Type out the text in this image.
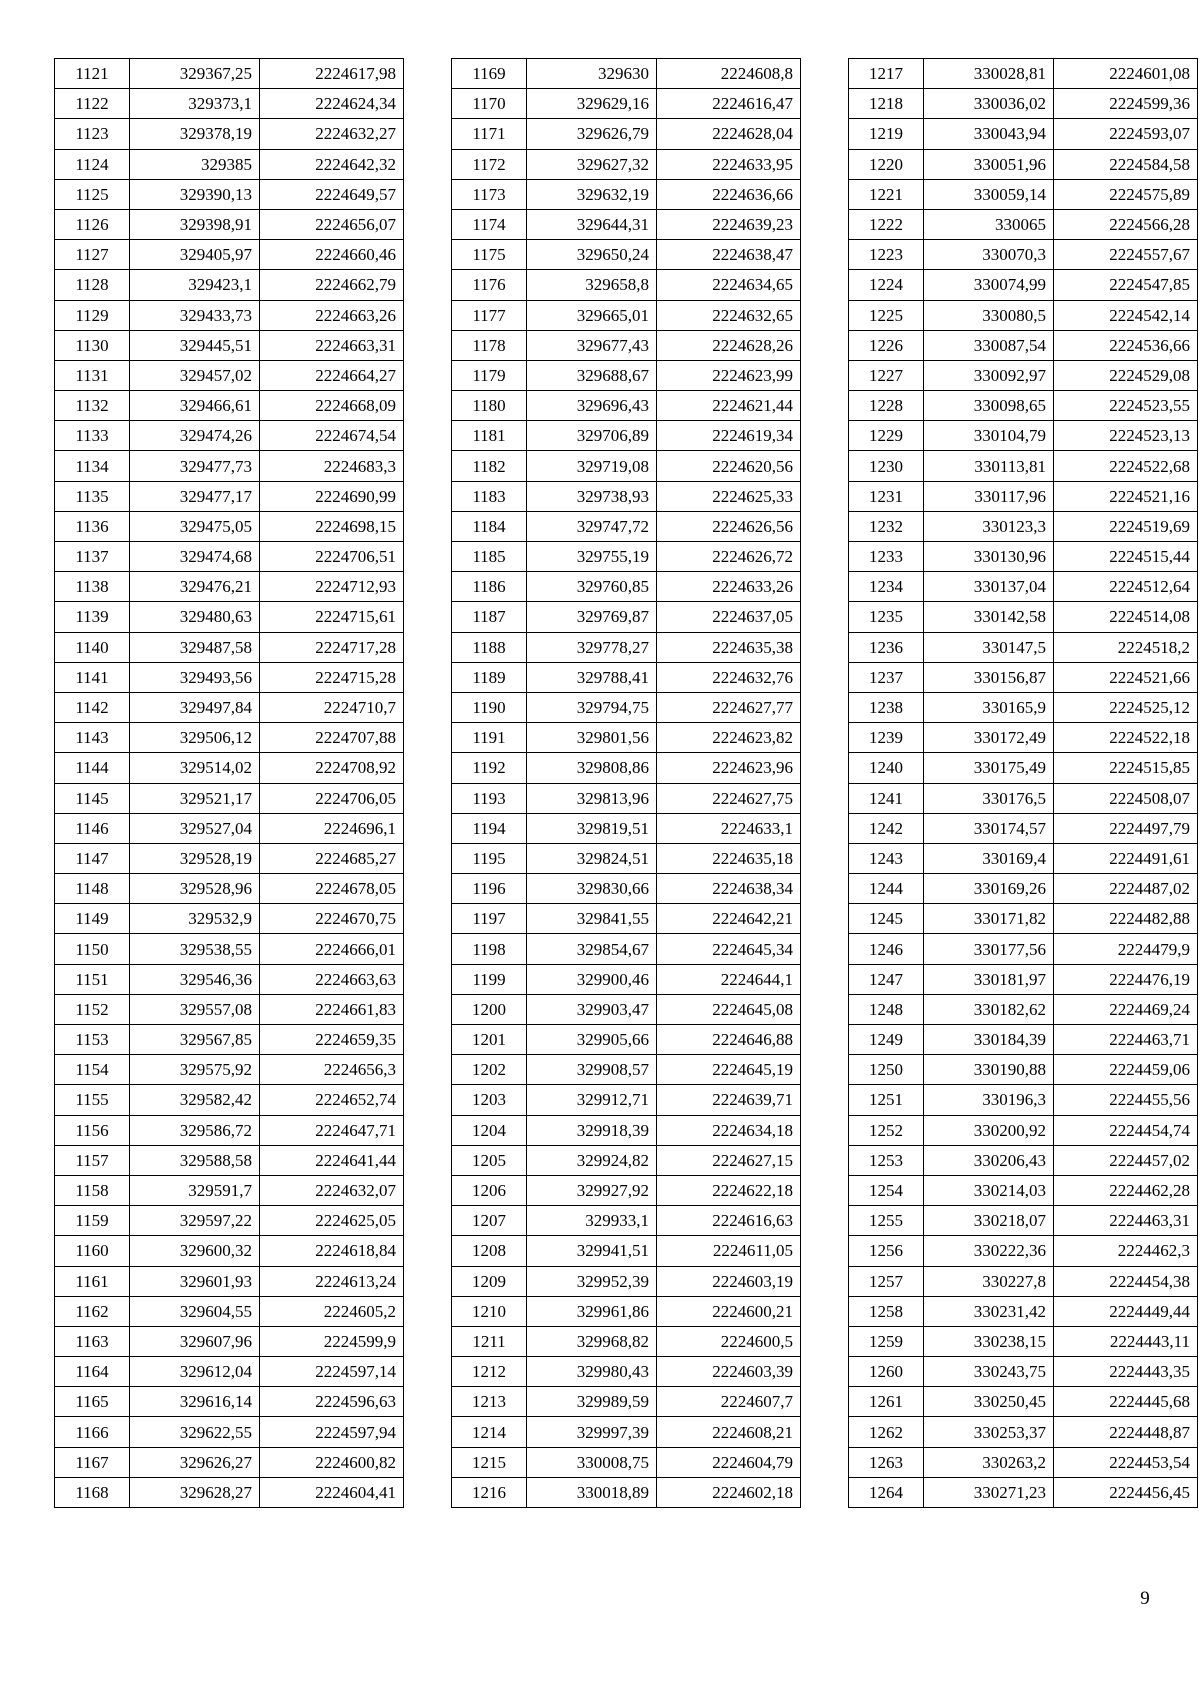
1121	329367,25	2224617,98
1122	329373,1	2224624,34
1123	329378,19	2224632,27
1124	329385	2224642,32
1125	329390,13	2224649,57
1126	329398,91	2224656,07
1127	329405,97	2224660,46
1128	329423,1	2224662,79
1129	329433,73	2224663,26
1130	329445,51	2224663,31
1131	329457,02	2224664,27
1132	329466,61	2224668,09
1133	329474,26	2224674,54
1134	329477,73	2224683,3
1135	329477,17	2224690,99
1136	329475,05	2224698,15
1137	329474,68	2224706,51
1138	329476,21	2224712,93
1139	329480,63	2224715,61
1140	329487,58	2224717,28
1141	329493,56	2224715,28
1142	329497,84	2224710,7
1143	329506,12	2224707,88
1144	329514,02	2224708,92
1145	329521,17	2224706,05
1146	329527,04	2224696,1
1147	329528,19	2224685,27
1148	329528,96	2224678,05
1149	329532,9	2224670,75
1150	329538,55	2224666,01
1151	329546,36	2224663,63
1152	329557,08	2224661,83
1153	329567,85	2224659,35
1154	329575,92	2224656,3
1155	329582,42	2224652,74
1156	329586,72	2224647,71
1157	329588,58	2224641,44
1158	329591,7	2224632,07
1159	329597,22	2224625,05
1160	329600,32	2224618,84
1161	329601,93	2224613,24
1162	329604,55	2224605,2
1163	329607,96	2224599,9
1164	329612,04	2224597,14
1165	329616,14	2224596,63
1166	329622,55	2224597,94
1167	329626,27	2224600,82
1168	329628,27	2224604,41
1169	329630	2224608,8
1170	329629,16	2224616,47
1171	329626,79	2224628,04
1172	329627,32	2224633,95
1173	329632,19	2224636,66
1174	329644,31	2224639,23
1175	329650,24	2224638,47
1176	329658,8	2224634,65
1177	329665,01	2224632,65
1178	329677,43	2224628,26
1179	329688,67	2224623,99
1180	329696,43	2224621,44
1181	329706,89	2224619,34
1182	329719,08	2224620,56
1183	329738,93	2224625,33
1184	329747,72	2224626,56
1185	329755,19	2224626,72
1186	329760,85	2224633,26
1187	329769,87	2224637,05
1188	329778,27	2224635,38
1189	329788,41	2224632,76
1190	329794,75	2224627,77
1191	329801,56	2224623,82
1192	329808,86	2224623,96
1193	329813,96	2224627,75
1194	329819,51	2224633,1
1195	329824,51	2224635,18
1196	329830,66	2224638,34
1197	329841,55	2224642,21
1198	329854,67	2224645,34
1199	329900,46	2224644,1
1200	329903,47	2224645,08
1201	329905,66	2224646,88
1202	329908,57	2224645,19
1203	329912,71	2224639,71
1204	329918,39	2224634,18
1205	329924,82	2224627,15
1206	329927,92	2224622,18
1207	329933,1	2224616,63
1208	329941,51	2224611,05
1209	329952,39	2224603,19
1210	329961,86	2224600,21
1211	329968,82	2224600,5
1212	329980,43	2224603,39
1213	329989,59	2224607,7
1214	329997,39	2224608,21
1215	330008,75	2224604,79
1216	330018,89	2224602,18
1217	330028,81	2224601,08
1218	330036,02	2224599,36
1219	330043,94	2224593,07
1220	330051,96	2224584,58
1221	330059,14	2224575,89
1222	330065	2224566,28
1223	330070,3	2224557,67
1224	330074,99	2224547,85
1225	330080,5	2224542,14
1226	330087,54	2224536,66
1227	330092,97	2224529,08
1228	330098,65	2224523,55
1229	330104,79	2224523,13
1230	330113,81	2224522,68
1231	330117,96	2224521,16
1232	330123,3	2224519,69
1233	330130,96	2224515,44
1234	330137,04	2224512,64
1235	330142,58	2224514,08
1236	330147,5	2224518,2
1237	330156,87	2224521,66
1238	330165,9	2224525,12
1239	330172,49	2224522,18
1240	330175,49	2224515,85
1241	330176,5	2224508,07
1242	330174,57	2224497,79
1243	330169,4	2224491,61
1244	330169,26	2224487,02
1245	330171,82	2224482,88
1246	330177,56	2224479,9
1247	330181,97	2224476,19
1248	330182,62	2224469,24
1249	330184,39	2224463,71
1250	330190,88	2224459,06
1251	330196,3	2224455,56
1252	330200,92	2224454,74
1253	330206,43	2224457,02
1254	330214,03	2224462,28
1255	330218,07	2224463,31
1256	330222,36	2224462,3
1257	330227,8	2224454,38
1258	330231,42	2224449,44
1259	330238,15	2224443,11
1260	330243,75	2224443,35
1261	330250,45	2224445,68
1262	330253,37	2224448,87
1263	330263,2	2224453,54
1264	330271,23	2224456,45
9
